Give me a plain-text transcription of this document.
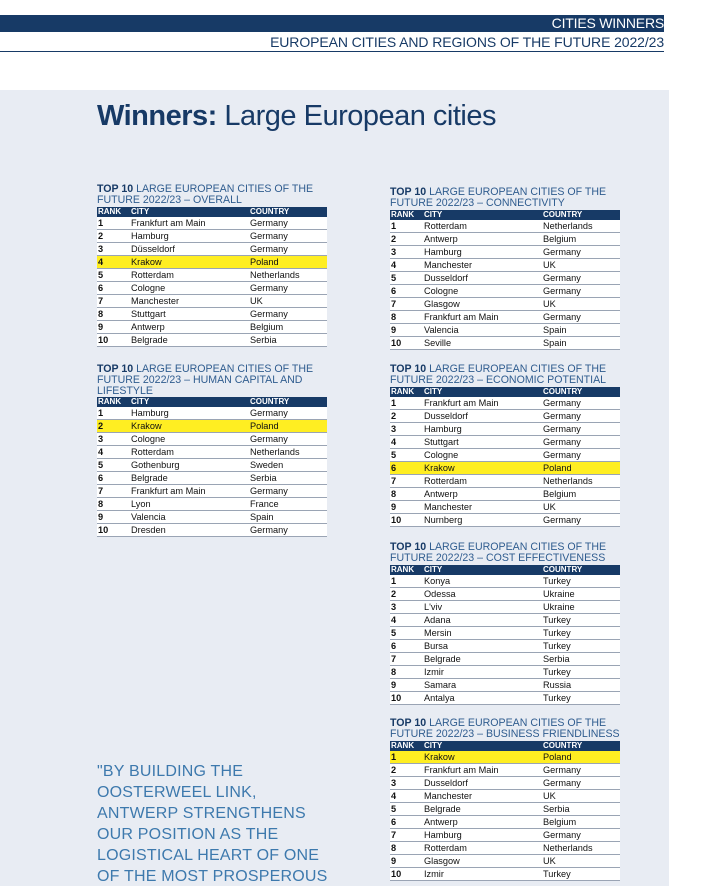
CITIES WINNERS
EUROPEAN CITIES AND REGIONS OF THE FUTURE 2022/23
Winners: Large European cities
TOP 10 LARGE EUROPEAN CITIES OF THE FUTURE 2022/23 – OVERALL
RANK	CITY	COUNTRY
1	Frankfurt am Main	Germany
2	Hamburg	Germany
3	Düsseldorf	Germany
4	Krakow	Poland
5	Rotterdam	Netherlands
6	Cologne	Germany
7	Manchester	UK
8	Stuttgart	Germany
9	Antwerp	Belgium
10	Belgrade	Serbia
TOP 10 LARGE EUROPEAN CITIES OF THE FUTURE 2022/23 – HUMAN CAPITAL AND LIFESTYLE
RANK	CITY	COUNTRY
1	Hamburg	Germany
2	Krakow	Poland
3	Cologne	Germany
4	Rotterdam	Netherlands
5	Gothenburg	Sweden
6	Belgrade	Serbia
7	Frankfurt am Main	Germany
8	Lyon	France
9	Valencia	Spain
10	Dresden	Germany
TOP 10 LARGE EUROPEAN CITIES OF THE FUTURE 2022/23 – CONNECTIVITY
RANK	CITY	COUNTRY
1	Rotterdam	Netherlands
2	Antwerp	Belgium
3	Hamburg	Germany
4	Manchester	UK
5	Dusseldorf	Germany
6	Cologne	Germany
7	Glasgow	UK
8	Frankfurt am Main	Germany
9	Valencia	Spain
10	Seville	Spain
TOP 10 LARGE EUROPEAN CITIES OF THE FUTURE 2022/23 – ECONOMIC POTENTIAL
RANK	CITY	COUNTRY
1	Frankfurt am Main	Germany
2	Dusseldorf	Germany
3	Hamburg	Germany
4	Stuttgart	Germany
5	Cologne	Germany
6	Krakow	Poland
7	Rotterdam	Netherlands
8	Antwerp	Belgium
9	Manchester	UK
10	Nurnberg	Germany
TOP 10 LARGE EUROPEAN CITIES OF THE FUTURE 2022/23 – COST EFFECTIVENESS
RANK	CITY	COUNTRY
1	Konya	Turkey
2	Odessa	Ukraine
3	L'viv	Ukraine
4	Adana	Turkey
5	Mersin	Turkey
6	Bursa	Turkey
7	Belgrade	Serbia
8	Izmir	Turkey
9	Samara	Russia
10	Antalya	Turkey
TOP 10 LARGE EUROPEAN CITIES OF THE FUTURE 2022/23 – BUSINESS FRIENDLINESS
RANK	CITY	COUNTRY
1	Krakow	Poland
2	Frankfurt am Main	Germany
3	Dusseldorf	Germany
4	Manchester	UK
5	Belgrade	Serbia
6	Antwerp	Belgium
7	Hamburg	Germany
8	Rotterdam	Netherlands
9	Glasgow	UK
10	Izmir	Turkey
"BY BUILDING THE OOSTERWEEL LINK, ANTWERP STRENGTHENS OUR POSITION AS THE LOGISTICAL HEART OF ONE OF THE MOST PROSPEROUS
